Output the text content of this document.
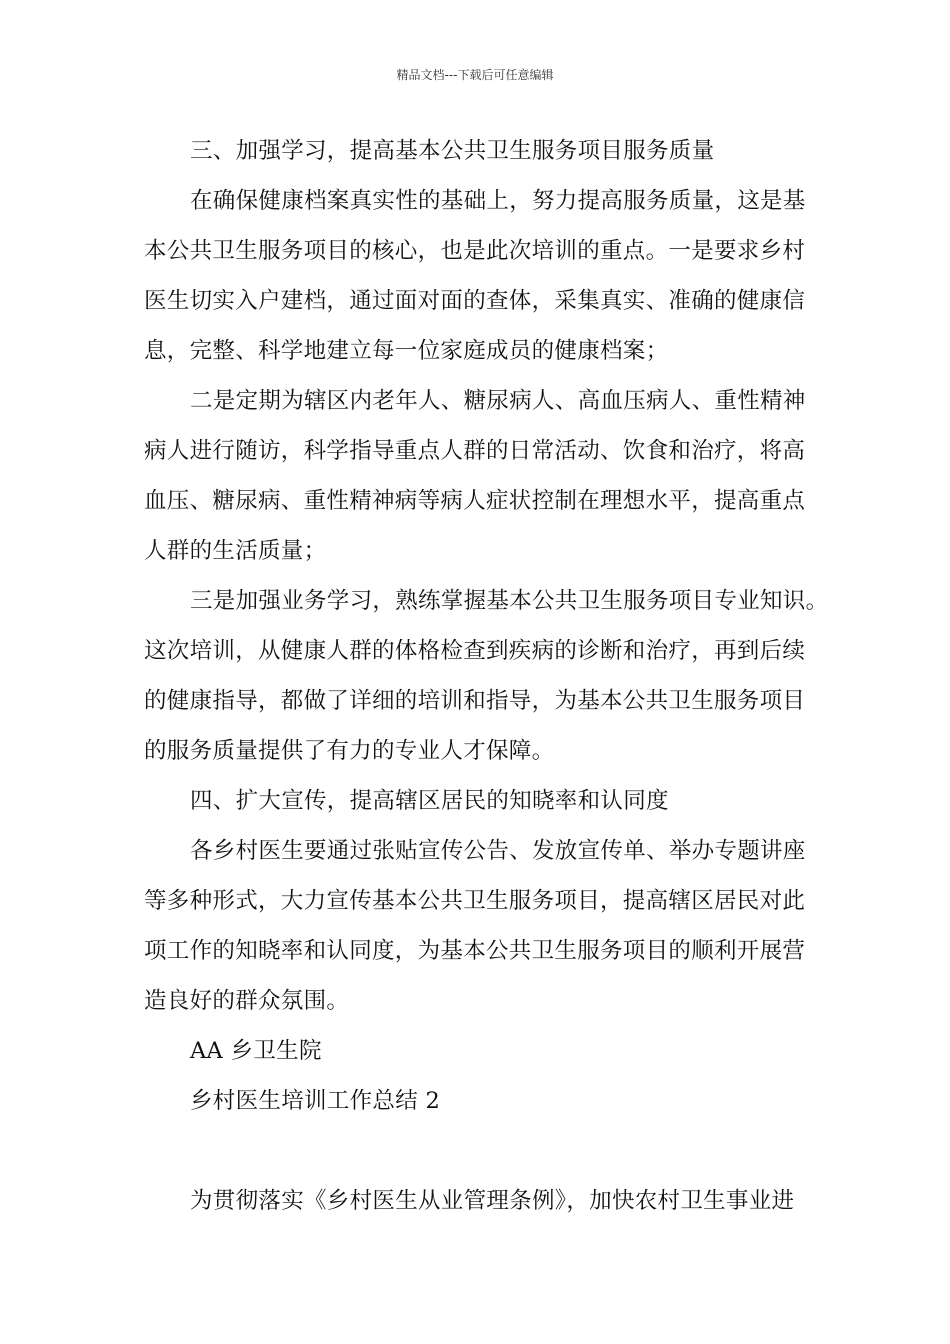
精品文档---下载后可任意编辑
三、加强学习，提高基本公共卫生服务项目服务质量
在确保健康档案真实性的基础上，努力提高服务质量，这是基
本公共卫生服务项目的核心，也是此次培训的重点。一是要求乡村
医生切实入户建档，通过面对面的查体，采集真实、准确的健康信
息，完整、科学地建立每一位家庭成员的健康档案；
二是定期为辖区内老年人、糖尿病人、高血压病人、重性精神
病人进行随访，科学指导重点人群的日常活动、饮食和治疗，将高
血压、糖尿病、重性精神病等病人症状控制在理想水平，提高重点
人群的生活质量；
三是加强业务学习，熟练掌握基本公共卫生服务项目专业知识。
这次培训，从健康人群的体格检查到疾病的诊断和治疗，再到后续
的健康指导，都做了详细的培训和指导，为基本公共卫生服务项目
的服务质量提供了有力的专业人才保障。
四、扩大宣传，提高辖区居民的知晓率和认同度
各乡村医生要通过张贴宣传公告、发放宣传单、举办专题讲座
等多种形式，大力宣传基本公共卫生服务项目，提高辖区居民对此
项工作的知晓率和认同度，为基本公共卫生服务项目的顺利开展营
造良好的群众氛围。
AA 乡卫生院
乡村医生培训工作总结 2
为贯彻落实《乡村医生从业管理条例》，加快农村卫生事业进
